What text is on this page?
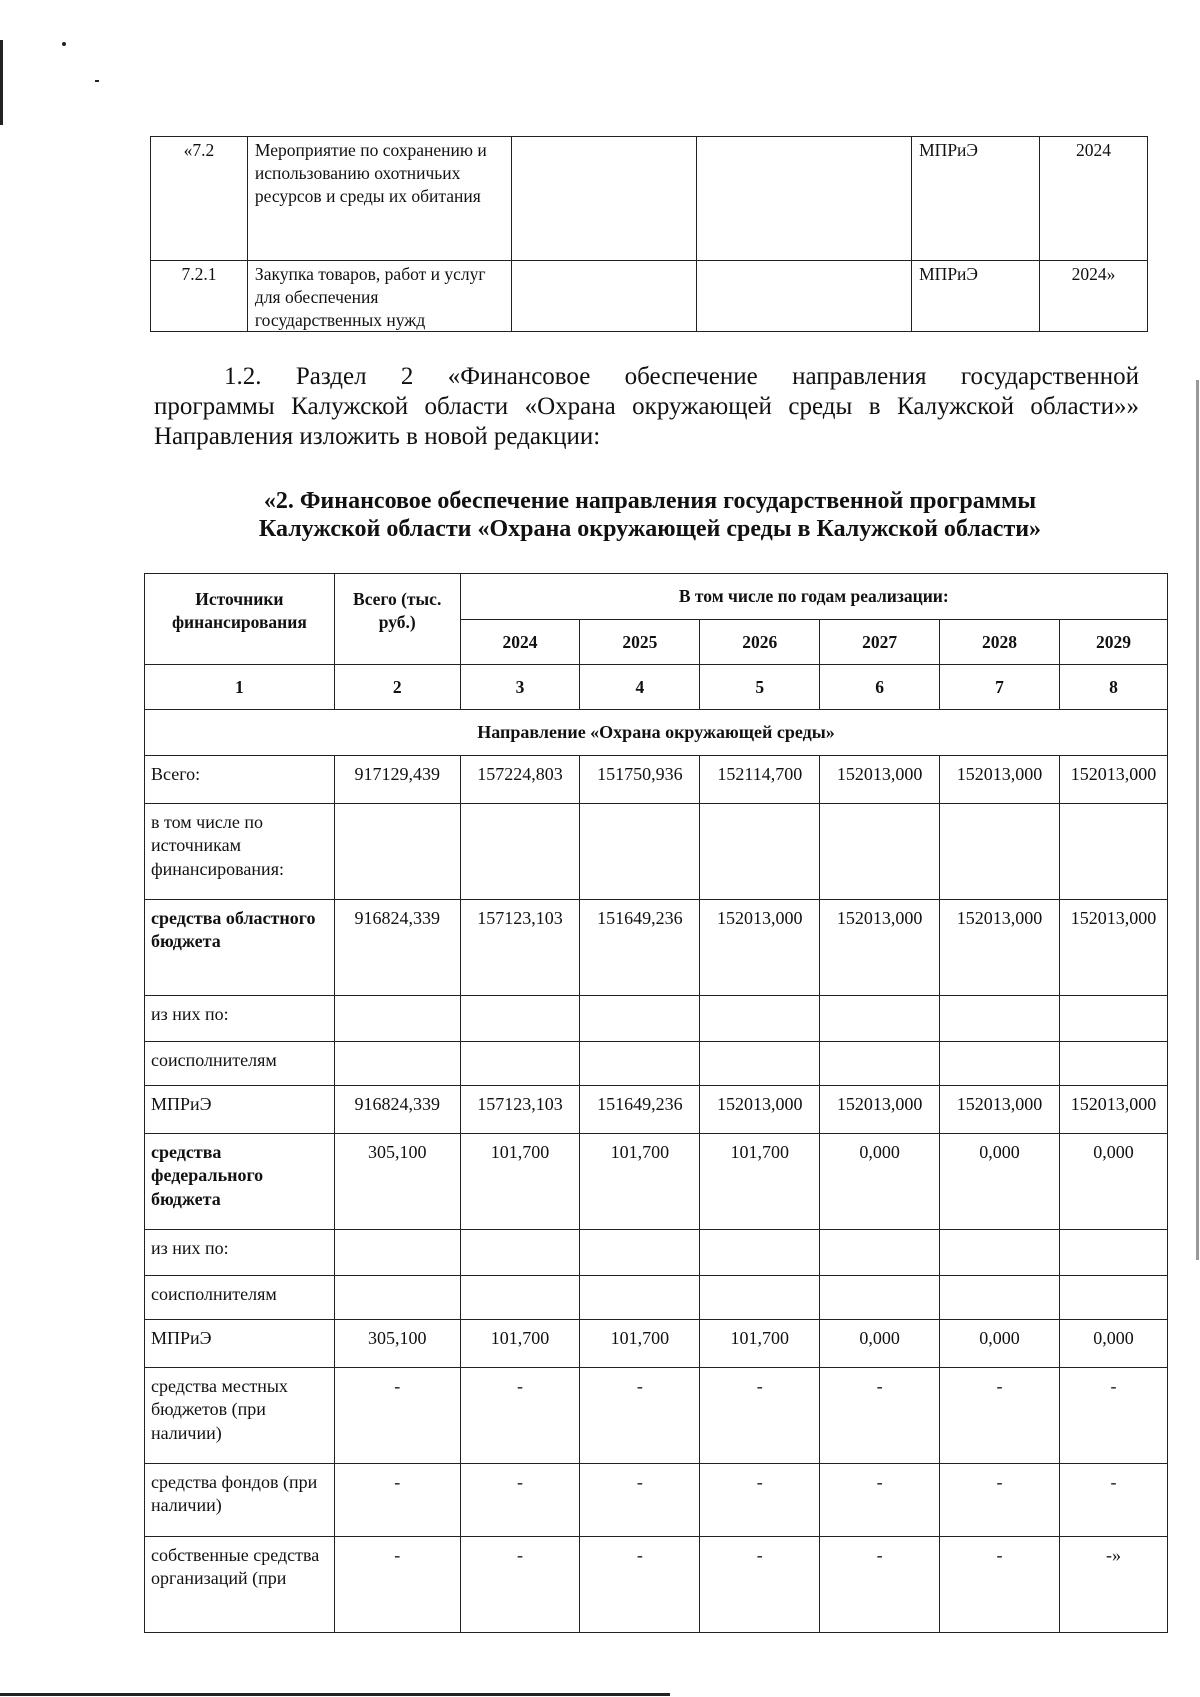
«7.2	Мероприятие по сохранению и использованию охотничьих ресурсов и среды их обитания			МПРиЭ	2024
7.2.1	Закупка товаров, работ и услуг для обеспечения государственных нужд			МПРиЭ	2024»

1.2. Раздел 2 «Финансовое обеспечение направления государственной
программы Калужской области «Охрана окружающей среды в Калужской области»» Направления изложить в новой редакции:

«2. Финансовое обеспечение направления государственной программы
Калужской области «Охрана окружающей среды в Калужской области»

Источники финансирования	Всего (тыс. руб.)	В том числе по годам реализации:					
		2024	2025	2026	2027	2028	2029
1	2	3	4	5	6	7	8
Направление «Охрана окружающей среды»							
Всего:	917129,439	157224,803	151750,936	152114,700	152013,000	152013,000	152013,000
в том числе по источникам финансирования:							
средства областного бюджета	916824,339	157123,103	151649,236	152013,000	152013,000	152013,000	152013,000
из них по:							
соисполнителям							
МПРиЭ	916824,339	157123,103	151649,236	152013,000	152013,000	152013,000	152013,000
средства федерального бюджета	305,100	101,700	101,700	101,700	0,000	0,000	0,000
из них по:							
соисполнителям							
МПРиЭ	305,100	101,700	101,700	101,700	0,000	0,000	0,000
средства местных бюджетов (при наличии)	-	-	-	-	-	-	-
средства фондов (при наличии)	-	-	-	-	-	-	-
собственные средства организаций (при	-	-	-	-	-	-	-»
